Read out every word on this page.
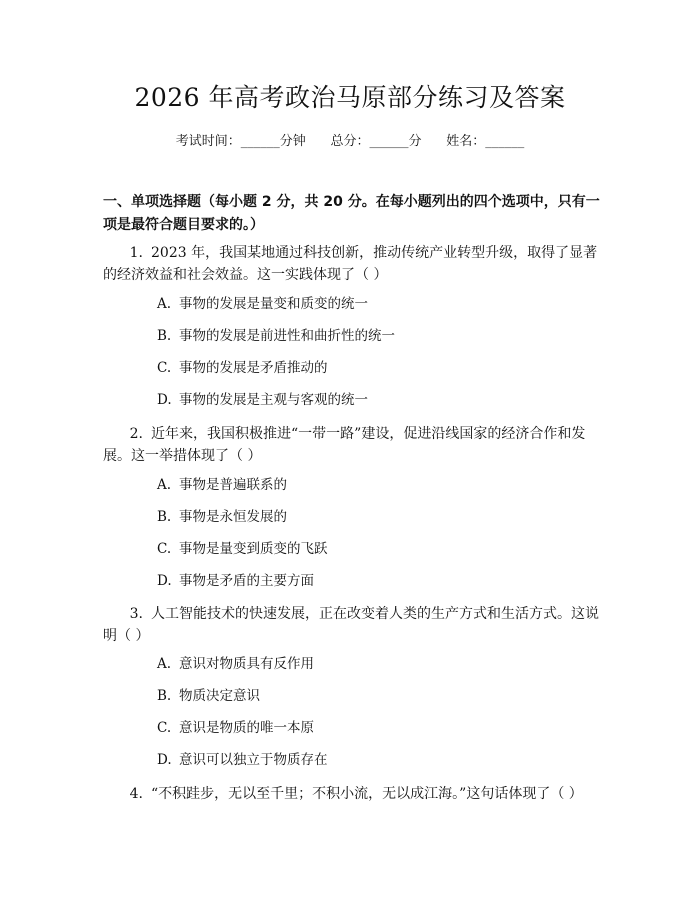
2026 年高考政治马原部分练习及答案
考试时间：______分钟      总分：______分      姓名：______
一、单项选择题（每小题 2 分，共 20 分。在每小题列出的四个选项中，只有一项是最符合题目要求的。）
1. 2023 年，我国某地通过科技创新，推动传统产业转型升级，取得了显著的经济效益和社会效益。这一实践体现了（ ）
A. 事物的发展是量变和质变的统一
B. 事物的发展是前进性和曲折性的统一
C. 事物的发展是矛盾推动的
D. 事物的发展是主观与客观的统一
2. 近年来，我国积极推进“一带一路”建设，促进沿线国家的经济合作和发展。这一举措体现了（ ）
A. 事物是普遍联系的
B. 事物是永恒发展的
C. 事物是量变到质变的飞跃
D. 事物是矛盾的主要方面
3. 人工智能技术的快速发展，正在改变着人类的生产方式和生活方式。这说明（ ）
A. 意识对物质具有反作用
B. 物质决定意识
C. 意识是物质的唯一本原
D. 意识可以独立于物质存在
4. “不积跬步，无以至千里；不积小流，无以成江海。”这句话体现了（ ）
